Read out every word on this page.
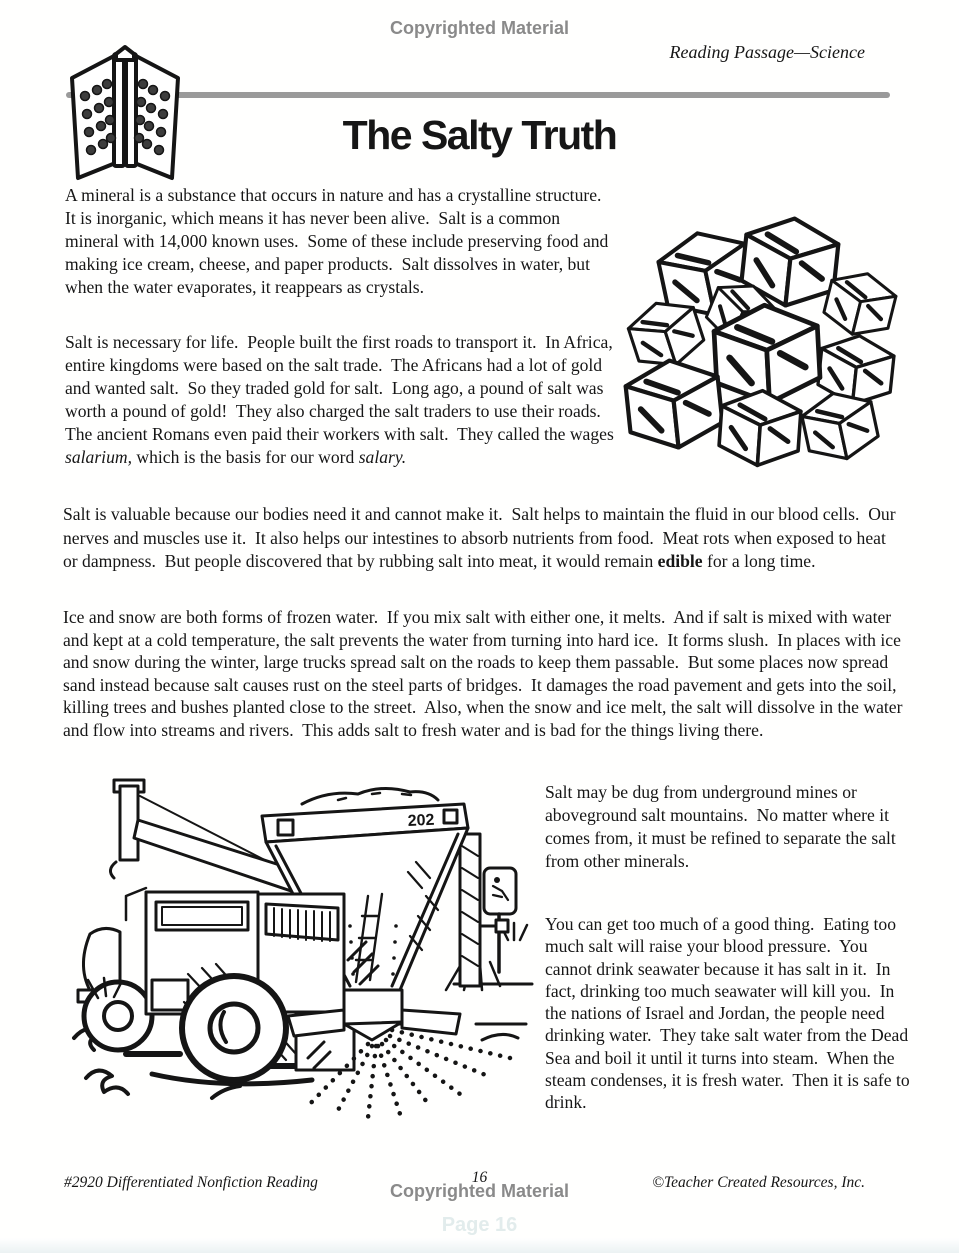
Copyrighted Material
Reading Passage—Science
The Salty Truth
A mineral is a substance that occurs in nature and has a crystalline structure.  It is inorganic, which means it has never been alive.  Salt is a common mineral with 14,000 known uses.  Some of these include preserving food and making ice cream, cheese, and paper products.  Salt dissolves in water, but when the water evaporates, it reappears as crystals.
Salt is necessary for life.  People built the first roads to transport it.  In Africa, entire kingdoms were based on the salt trade.  The Africans had a lot of gold and wanted salt.  So they traded gold for salt.  Long ago, a pound of salt was worth a pound of gold!  They also charged the salt traders to use their roads.  The ancient Romans even paid their workers with salt.  They called the wages salarium, which is the basis for our word salary.
Salt is valuable because our bodies need it and cannot make it.  Salt helps to maintain the fluid in our blood cells.  Our nerves and muscles use it.  It also helps our intestines to absorb nutrients from food.  Meat rots when exposed to heat or dampness.  But people discovered that by rubbing salt into meat, it would remain edible for a long time.
Ice and snow are both forms of frozen water.  If you mix salt with either one, it melts.  And if salt is mixed with water and kept at a cold temperature, the salt prevents the water from turning into hard ice.  It forms slush.  In places with ice and snow during the winter, large trucks spread salt on the roads to keep them passable.  But some places now spread sand instead because salt causes rust on the steel parts of bridges.  It damages the road pavement and gets into the soil, killing trees and bushes planted close to the street.  Also, when the snow and ice melt, the salt will dissolve in the water and flow into streams and rivers.  This adds salt to fresh water and is bad for the things living there.
202
Salt may be dug from underground mines or aboveground salt mountains.  No matter where it comes from, it must be refined to separate the salt from other minerals.
You can get too much of a good thing.  Eating too much salt will raise your blood pressure.  You cannot drink seawater because it has salt in it.  In fact, drinking too much seawater will kill you.  In the nations of Israel and Jordan, the people need drinking water.  They take salt water from the Dead Sea and boil it until it turns into steam.  When the steam condenses, it is fresh water.  Then it is safe to drink.
#2920 Differentiated Nonfiction Reading	16	©Teacher Created Resources, Inc.
Copyrighted Material
Page 16
